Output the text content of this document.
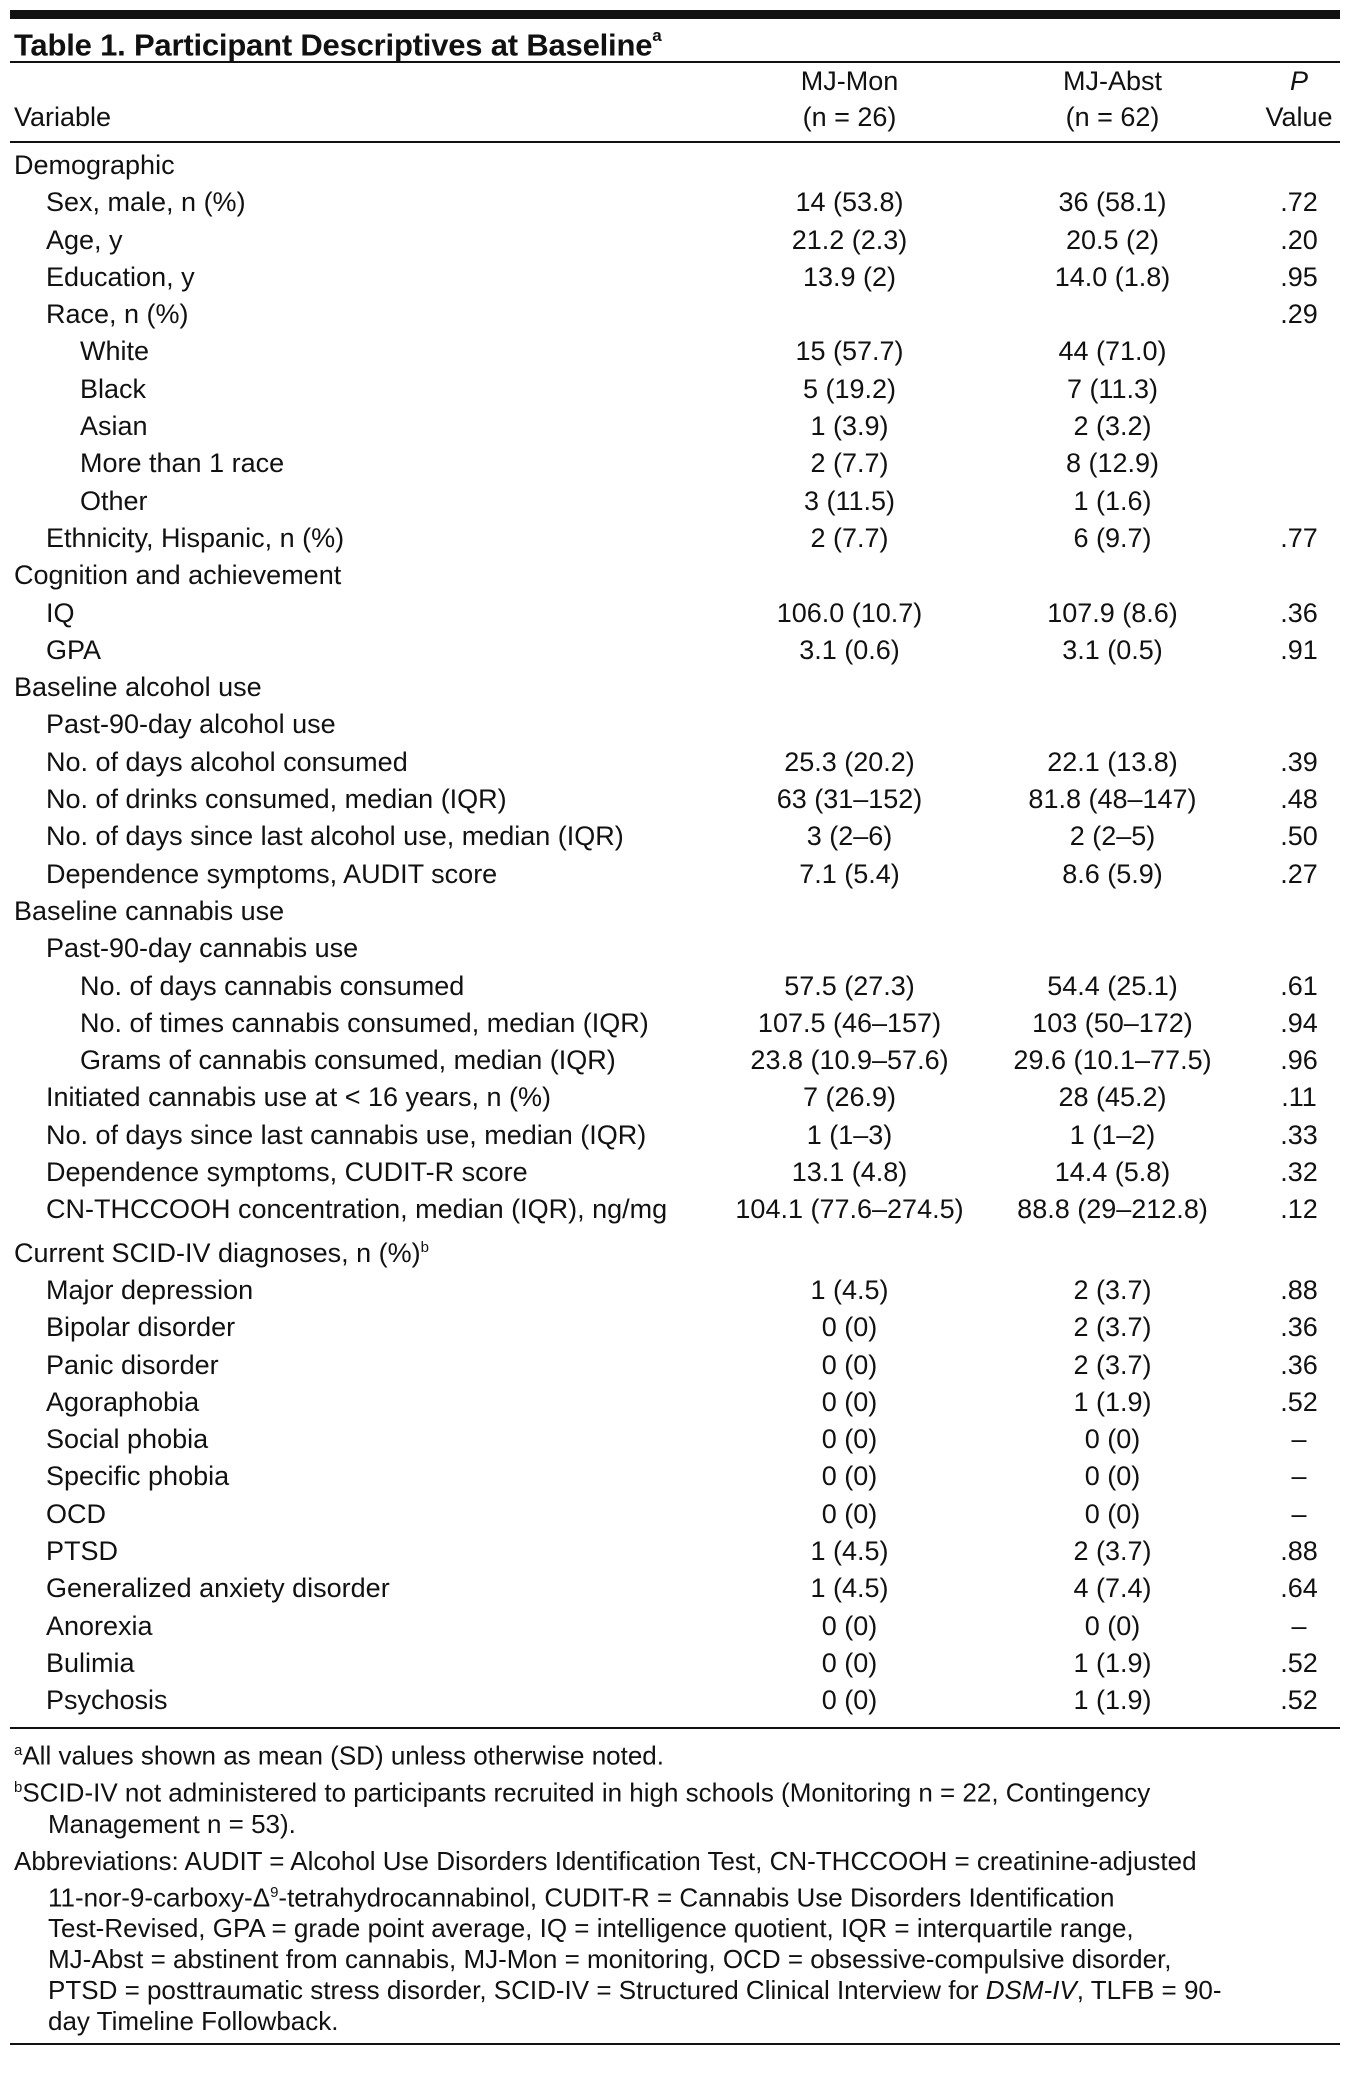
Table 1. Participant Descriptives at Baseline$^a$
	MJ-Mon	MJ-Abst	P
Variable	(n = 26)	(n = 62)	Value

Demographic			
Sex, male, n (%)	14 (53.8)	36 (58.1)	.72
Age, y	21.2 (2.3)	20.5 (2)	.20
Education, y	13.9 (2)	14.0 (1.8)	.95
Race, n (%)			.29
White	15 (57.7)	44 (71.0)	
Black	5 (19.2)	7 (11.3)	
Asian	1 (3.9)	2 (3.2)	
More than 1 race	2 (7.7)	8 (12.9)	
Other	3 (11.5)	1 (1.6)	
Ethnicity, Hispanic, n (%)	2 (7.7)	6 (9.7)	.77
Cognition and achievement			
IQ	106.0 (10.7)	107.9 (8.6)	.36
GPA	3.1 (0.6)	3.1 (0.5)	.91
Baseline alcohol use			
Past-90-day alcohol use			
No. of days alcohol consumed	25.3 (20.2)	22.1 (13.8)	.39
No. of drinks consumed, median (IQR)	63 (31–152)	81.8 (48–147)	.48
No. of days since last alcohol use, median (IQR)	3 (2–6)	2 (2–5)	.50
Dependence symptoms, AUDIT score	7.1 (5.4)	8.6 (5.9)	.27
Baseline cannabis use			
Past-90-day cannabis use			
No. of days cannabis consumed	57.5 (27.3)	54.4 (25.1)	.61
No. of times cannabis consumed, median (IQR)	107.5 (46–157)	103 (50–172)	.94
Grams of cannabis consumed, median (IQR)	23.8 (10.9–57.6)	29.6 (10.1–77.5)	.96
Initiated cannabis use at < 16 years, n (%)	7 (26.9)	28 (45.2)	.11
No. of days since last cannabis use, median (IQR)	1 (1–3)	1 (1–2)	.33
Dependence symptoms, CUDIT-R score	13.1 (4.8)	14.4 (5.8)	.32
CN-THCCOOH concentration, median (IQR), ng/mg	104.1 (77.6–274.5)	88.8 (29–212.8)	.12
Current SCID-IV diagnoses, n (%)$^b$			
Major depression	1 (4.5)	2 (3.7)	.88
Bipolar disorder	0 (0)	2 (3.7)	.36
Panic disorder	0 (0)	2 (3.7)	.36
Agoraphobia	0 (0)	1 (1.9)	.52
Social phobia	0 (0)	0 (0)	–
Specific phobia	0 (0)	0 (0)	–
OCD	0 (0)	0 (0)	–
PTSD	1 (4.5)	2 (3.7)	.88
Generalized anxiety disorder	1 (4.5)	4 (7.4)	.64
Anorexia	0 (0)	0 (0)	–
Bulimia	0 (0)	1 (1.9)	.52
Psychosis	0 (0)	1 (1.9)	.52

$^a$All values shown as mean (SD) unless otherwise noted.

$^b$SCID-IV not administered to participants recruited in high schools (Monitoring n = 22, Contingency
Management n = 53).

Abbreviations: AUDIT = Alcohol Use Disorders Identification Test, CN-THCCOOH = creatinine-adjusted
$11-nor-9-carboxy-\Delta^9$-tetrahydrocannabinol, CUDIT-R = Cannabis Use Disorders Identification
Test-Revised, GPA = grade point average, IQ = intelligence quotient, IQR = interquartile range,
MJ-Abst = abstinent from cannabis, MJ-Mon = monitoring, OCD = obsessive-compulsive disorder,
PTSD = posttraumatic stress disorder, SCID-IV = Structured Clinical Interview for DSM-IV, TLFB = 90-
day Timeline Followback.
